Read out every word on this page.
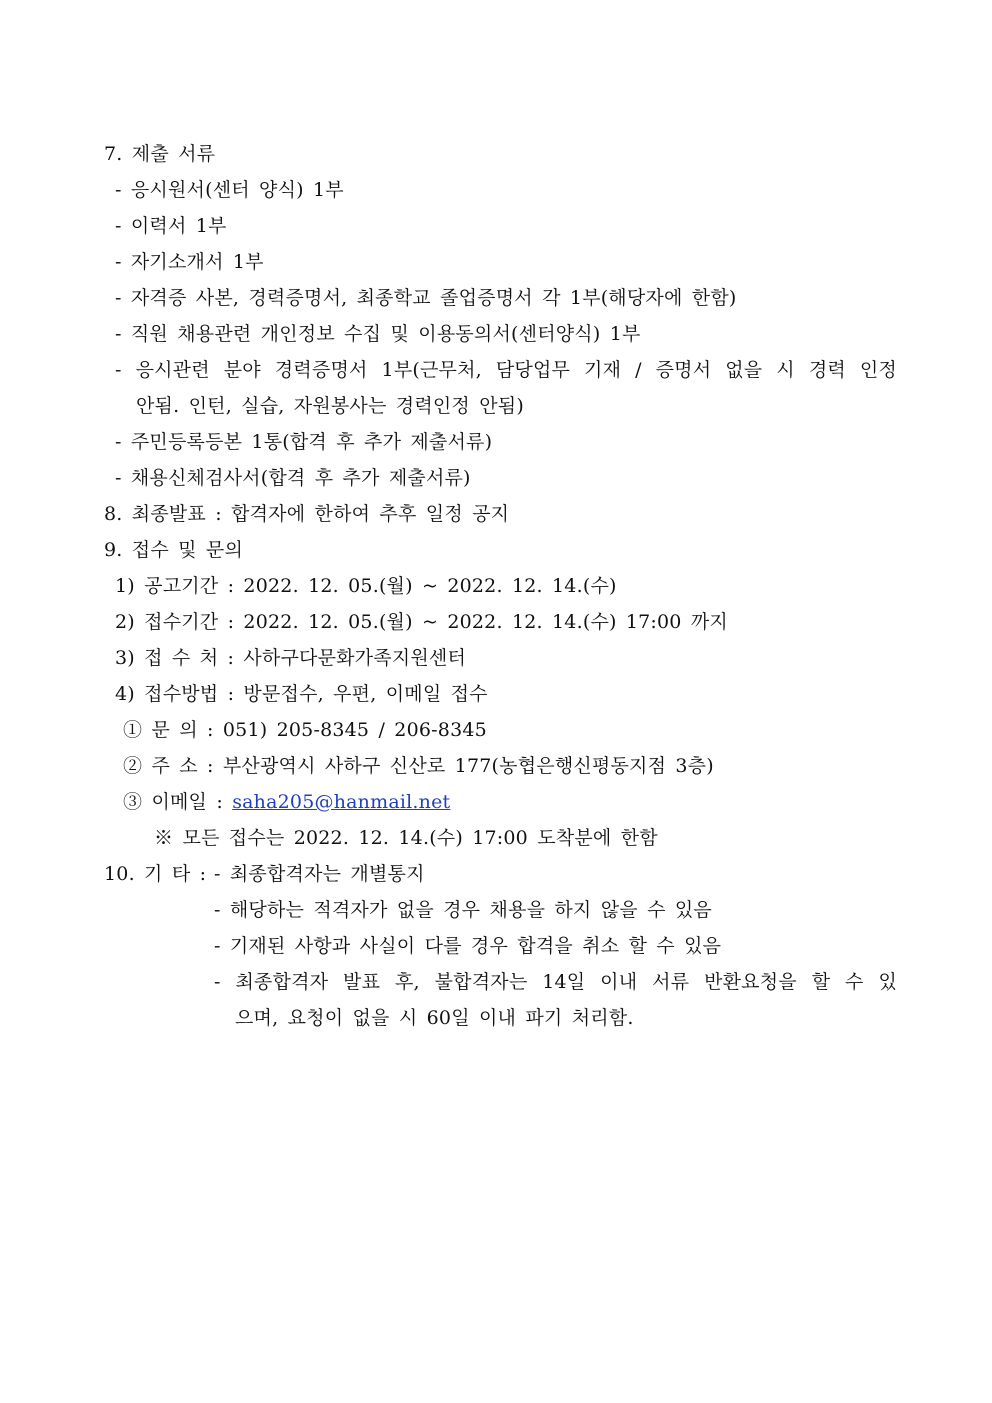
7. 제출 서류
- 응시원서(센터 양식) 1부
- 이력서 1부
- 자기소개서 1부
- 자격증 사본, 경력증명서, 최종학교 졸업증명서 각 1부(해당자에 한함)
- 직원 채용관련 개인정보 수집 및 이용동의서(센터양식) 1부
- 응시관련 분야 경력증명서 1부(근무처, 담당업무 기재 / 증명서 없을 시 경력 인정
안됨. 인턴, 실습, 자원봉사는 경력인정 안됨)
- 주민등록등본 1통(합격 후 추가 제출서류)
- 채용신체검사서(합격 후 추가 제출서류)
8. 최종발표 : 합격자에 한하여 추후 일정 공지
9. 접수 및 문의
1) 공고기간 : 2022. 12. 05.(월) ~ 2022. 12. 14.(수)
2) 접수기간 : 2022. 12. 05.(월) ~ 2022. 12. 14.(수) 17:00 까지
3) 접 수 처 : 사하구다문화가족지원센터
4) 접수방법 : 방문접수, 우편, 이메일 접수
① 문 의 : 051) 205-8345 / 206-8345
② 주 소 : 부산광역시 사하구 신산로 177(농협은행신평동지점 3층)
③ 이메일 : saha205@hanmail.net
※ 모든 접수는 2022. 12. 14.(수) 17:00 도착분에 한함
10. 기 타 : - 최종합격자는 개별통지
- 해당하는 적격자가 없을 경우 채용을 하지 않을 수 있음
- 기재된 사항과 사실이 다를 경우 합격을 취소 할 수 있음
- 최종합격자 발표 후, 불합격자는 14일 이내 서류 반환요청을 할 수 있
으며, 요청이 없을 시 60일 이내 파기 처리함.
